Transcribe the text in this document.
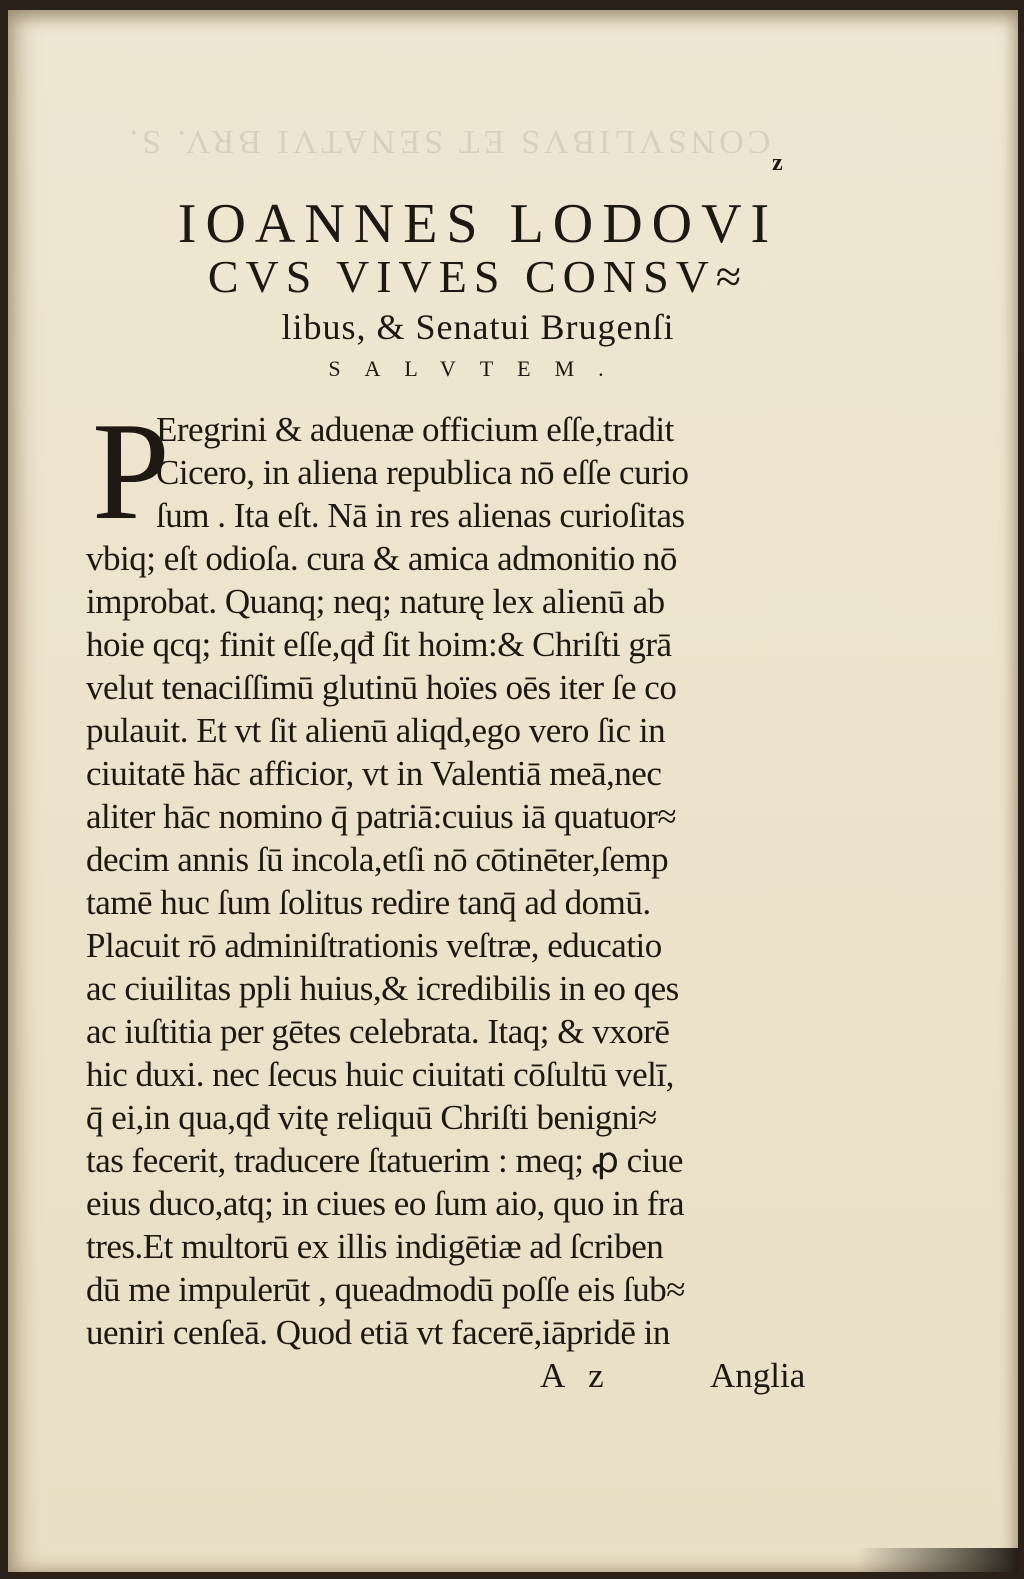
CONSVLIBVS ET SENATVI BRV. S.
z
IOANNES LODOVI
CVS VIVES CONSV≈
libus, & Senatui Brugenſi
SALVTEM.
P
Eregrini & aduenæ officium eſſe,tradit
Cicero, in aliena republica nō eſſe curio
ſum . Ita eſt. Nā in res alienas curioſitas
vbiq; eſt odioſa. cura & amica admonitio nō
improbat. Quanq; neq; naturę lex alienū ab
hoie qcq; finit eſſe,qđ ſit hoim:& Chriſti grā
velut tenaciſſimū glutinū hoïes oēs iter ſe co
pulauit. Et vt ſit alienū aliqd,ego vero ſic in
ciuitatē hāc afficior, vt in Valentiā meā,nec
aliter hāc nomino q̄ patriā:cuius iā quatuor≈
decim annis ſū incola,etſi nō cōtinēter,ſemp
tamē huc ſum ſolitus redire tanq̄ ad domū.
Placuit rō adminiſtrationis veſtræ, educatio
ac ciuilitas ppli huius,& icredibilis in eo qes
ac iuſtitia per gētes celebrata. Itaq; & vxorē
hic duxi. nec ſecus huic ciuitati cōſultū velī,
q̄ ei,in qua,qđ vitę reliquū Chriſti benigni≈
tas fecerit, traducere ſtatuerim : meq; ꝓ ciue
eius duco,atq; in ciues eo ſum aio, quo in fra
tres.Et multorū ex illis indigētiæ ad ſcriben
dū me impulerūt , queadmodū poſſe eis ſub≈
ueniri cenſeā. Quod etiā vt facerē,iāpridē in
A z	Anglia
